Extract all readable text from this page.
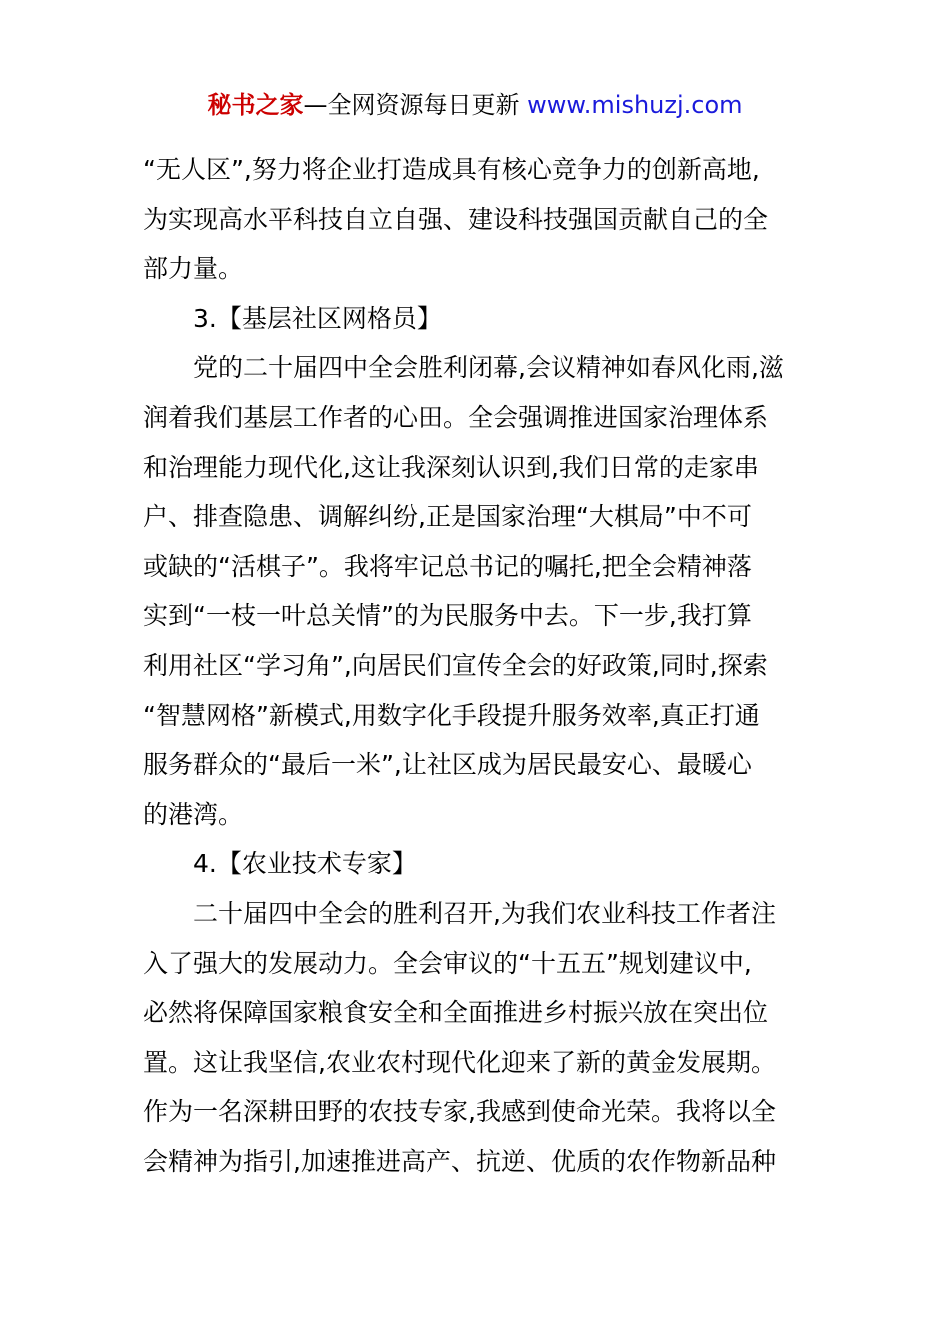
秘书之家—全网资源每日更新 www.mishuzj.com
“无人区”,努力将企业打造成具有核心竞争力的创新高地,
为实现高水平科技自立自强、建设科技强国贡献自己的全
部力量。
3.【基层社区网格员】
党的二十届四中全会胜利闭幕,会议精神如春风化雨,滋
润着我们基层工作者的心田。全会强调推进国家治理体系
和治理能力现代化,这让我深刻认识到,我们日常的走家串
户、排查隐患、调解纠纷,正是国家治理“大棋局”中不可
或缺的“活棋子”。我将牢记总书记的嘱托,把全会精神落
实到“一枝一叶总关情”的为民服务中去。下一步,我打算
利用社区“学习角”,向居民们宣传全会的好政策,同时,探索
“智慧网格”新模式,用数字化手段提升服务效率,真正打通
服务群众的“最后一米”,让社区成为居民最安心、最暖心
的港湾。
4.【农业技术专家】
二十届四中全会的胜利召开,为我们农业科技工作者注
入了强大的发展动力。全会审议的“十五五”规划建议中,
必然将保障国家粮食安全和全面推进乡村振兴放在突出位
置。这让我坚信,农业农村现代化迎来了新的黄金发展期。
作为一名深耕田野的农技专家,我感到使命光荣。我将以全
会精神为指引,加速推进高产、抗逆、优质的农作物新品种
